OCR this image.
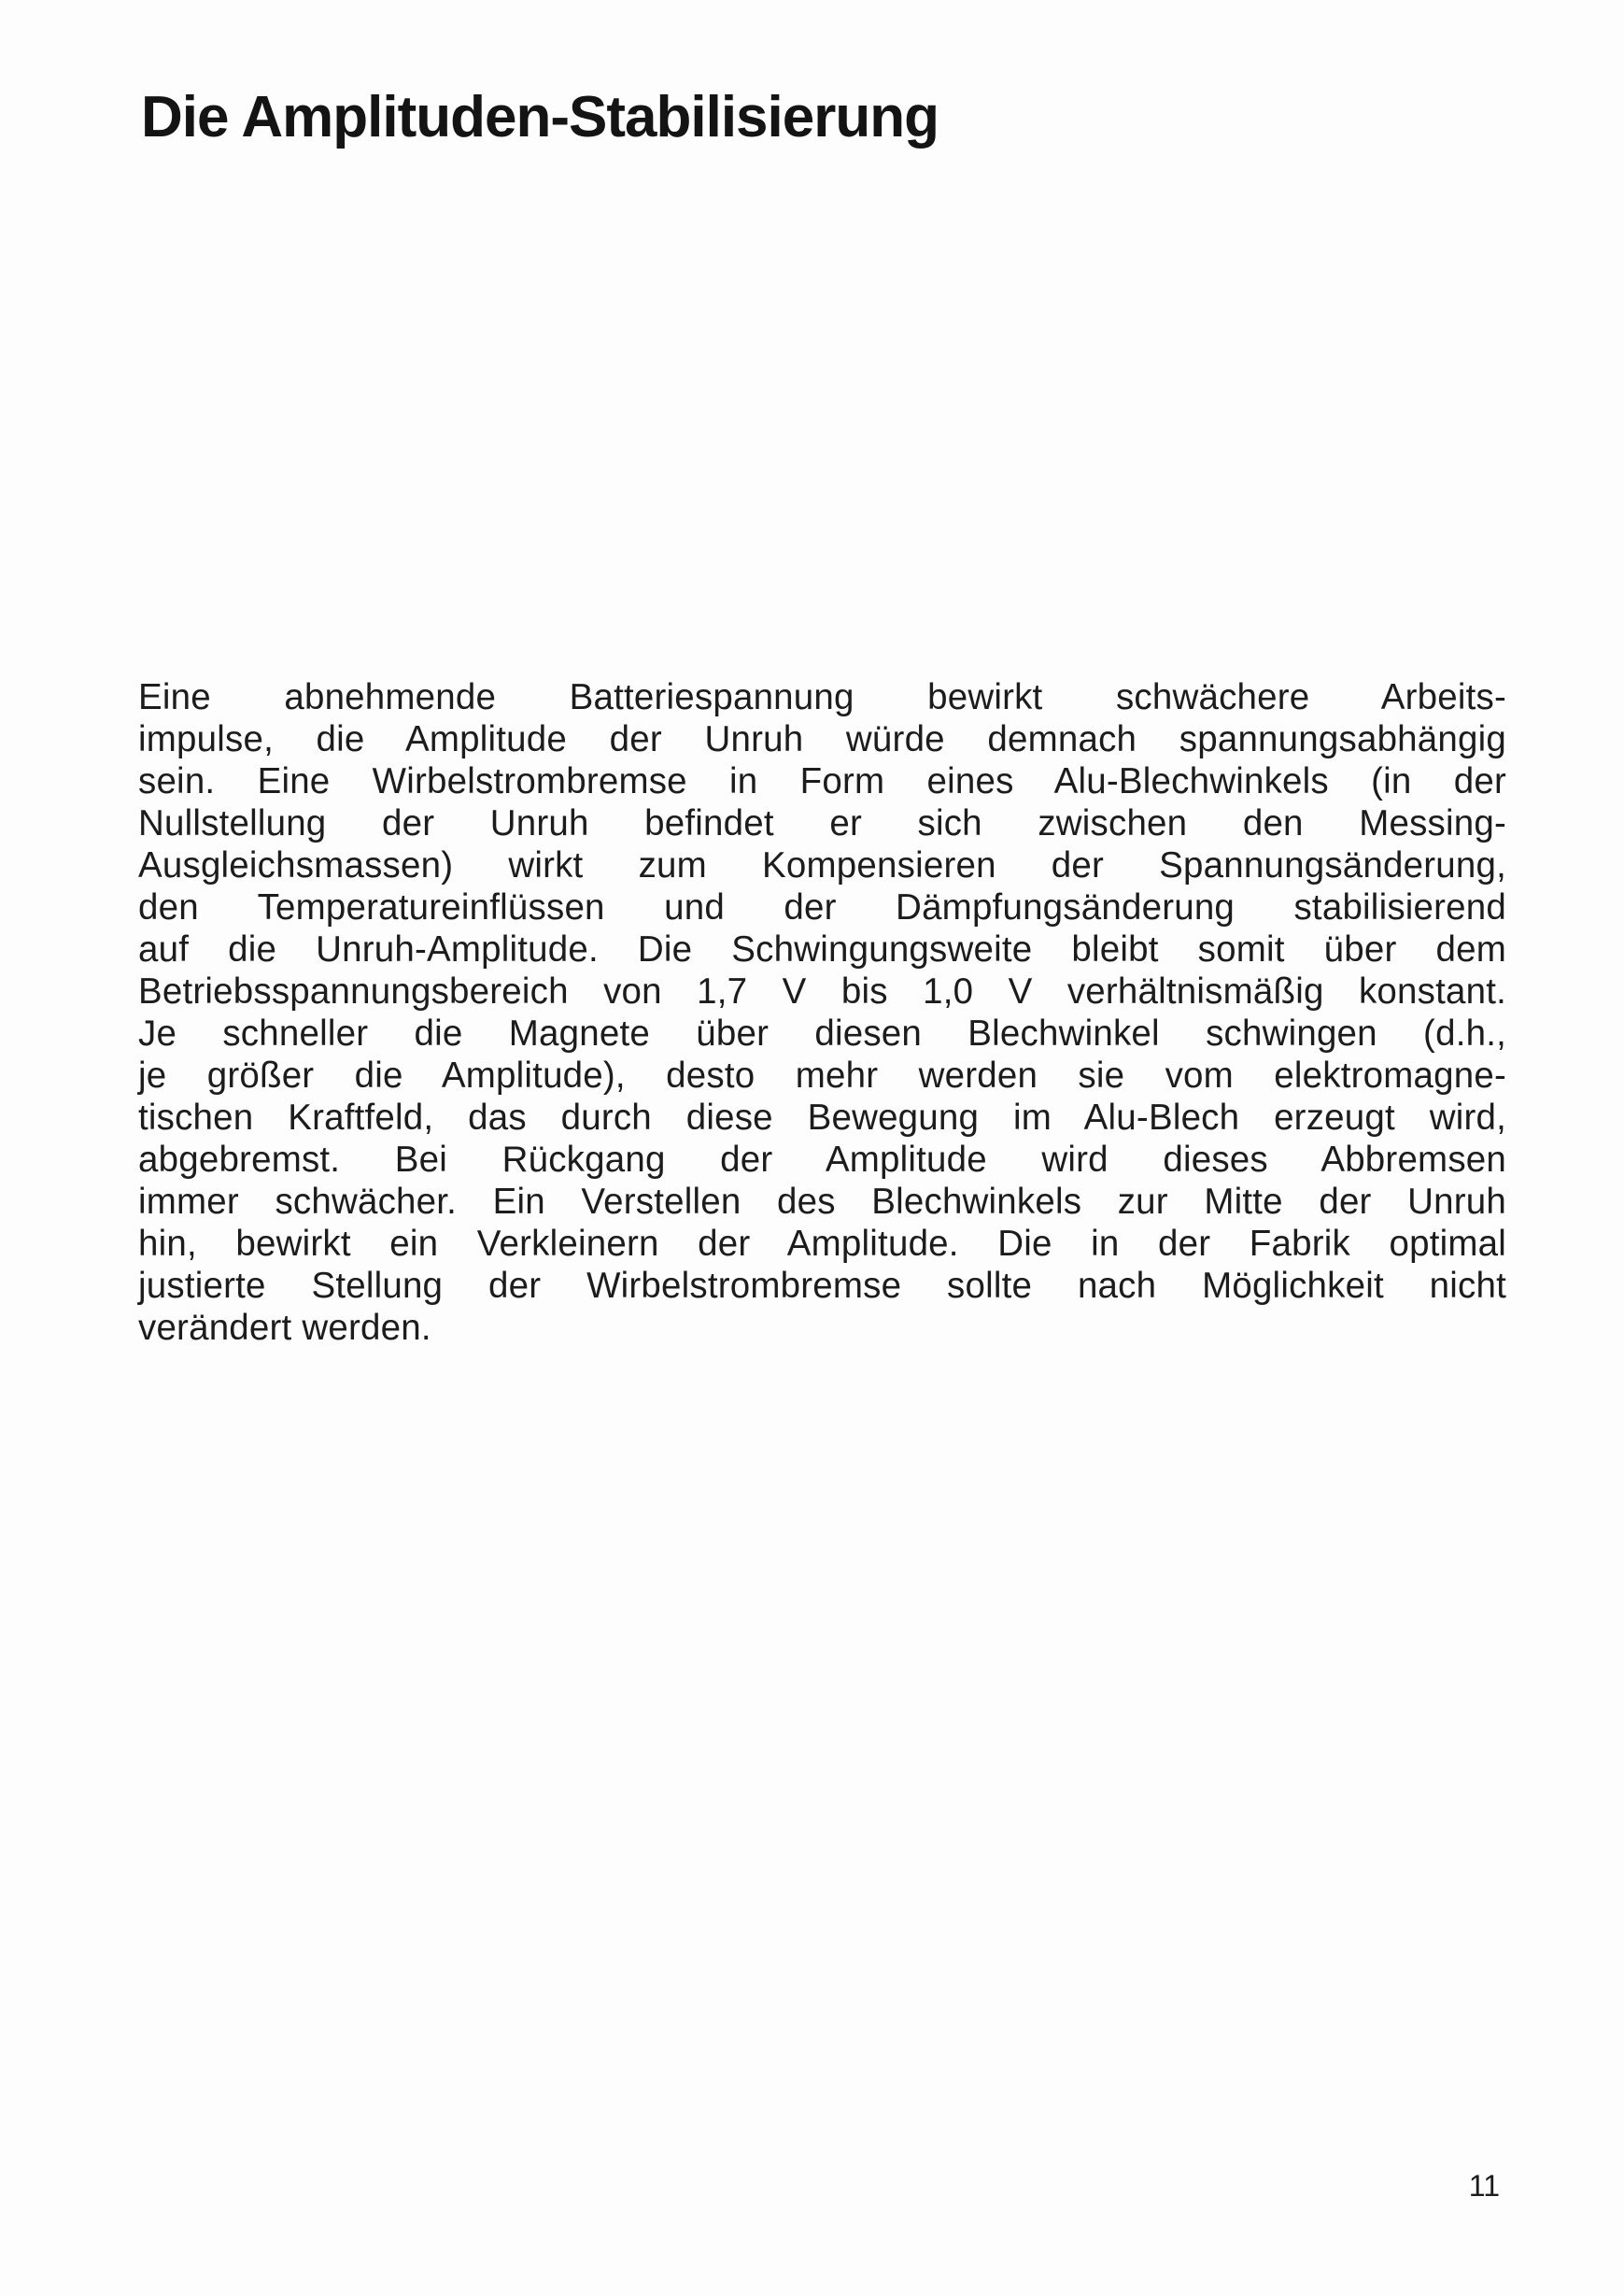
Die Amplituden-Stabilisierung
Eine abnehmende Batteriespannung bewirkt schwächere Arbeits-
impulse, die Amplitude der Unruh würde demnach spannungsabhängig
sein. Eine Wirbelstrombremse in Form eines Alu-Blechwinkels (in der
Nullstellung der Unruh befindet er sich zwischen den Messing-
Ausgleichsmassen) wirkt zum Kompensieren der Spannungsänderung,
den Temperatureinflüssen und der Dämpfungsänderung stabilisierend
auf die Unruh-Amplitude. Die Schwingungsweite bleibt somit über dem
Betriebsspannungsbereich von 1,7 V bis 1,0 V verhältnismäßig konstant.
Je schneller die Magnete über diesen Blechwinkel schwingen (d.h.,
je größer die Amplitude), desto mehr werden sie vom elektromagne-
tischen Kraftfeld, das durch diese Bewegung im Alu-Blech erzeugt wird,
abgebremst. Bei Rückgang der Amplitude wird dieses Abbremsen
immer schwächer. Ein Verstellen des Blechwinkels zur Mitte der Unruh
hin, bewirkt ein Verkleinern der Amplitude. Die in der Fabrik optimal
justierte Stellung der Wirbelstrombremse sollte nach Möglichkeit nicht
verändert werden.
11
